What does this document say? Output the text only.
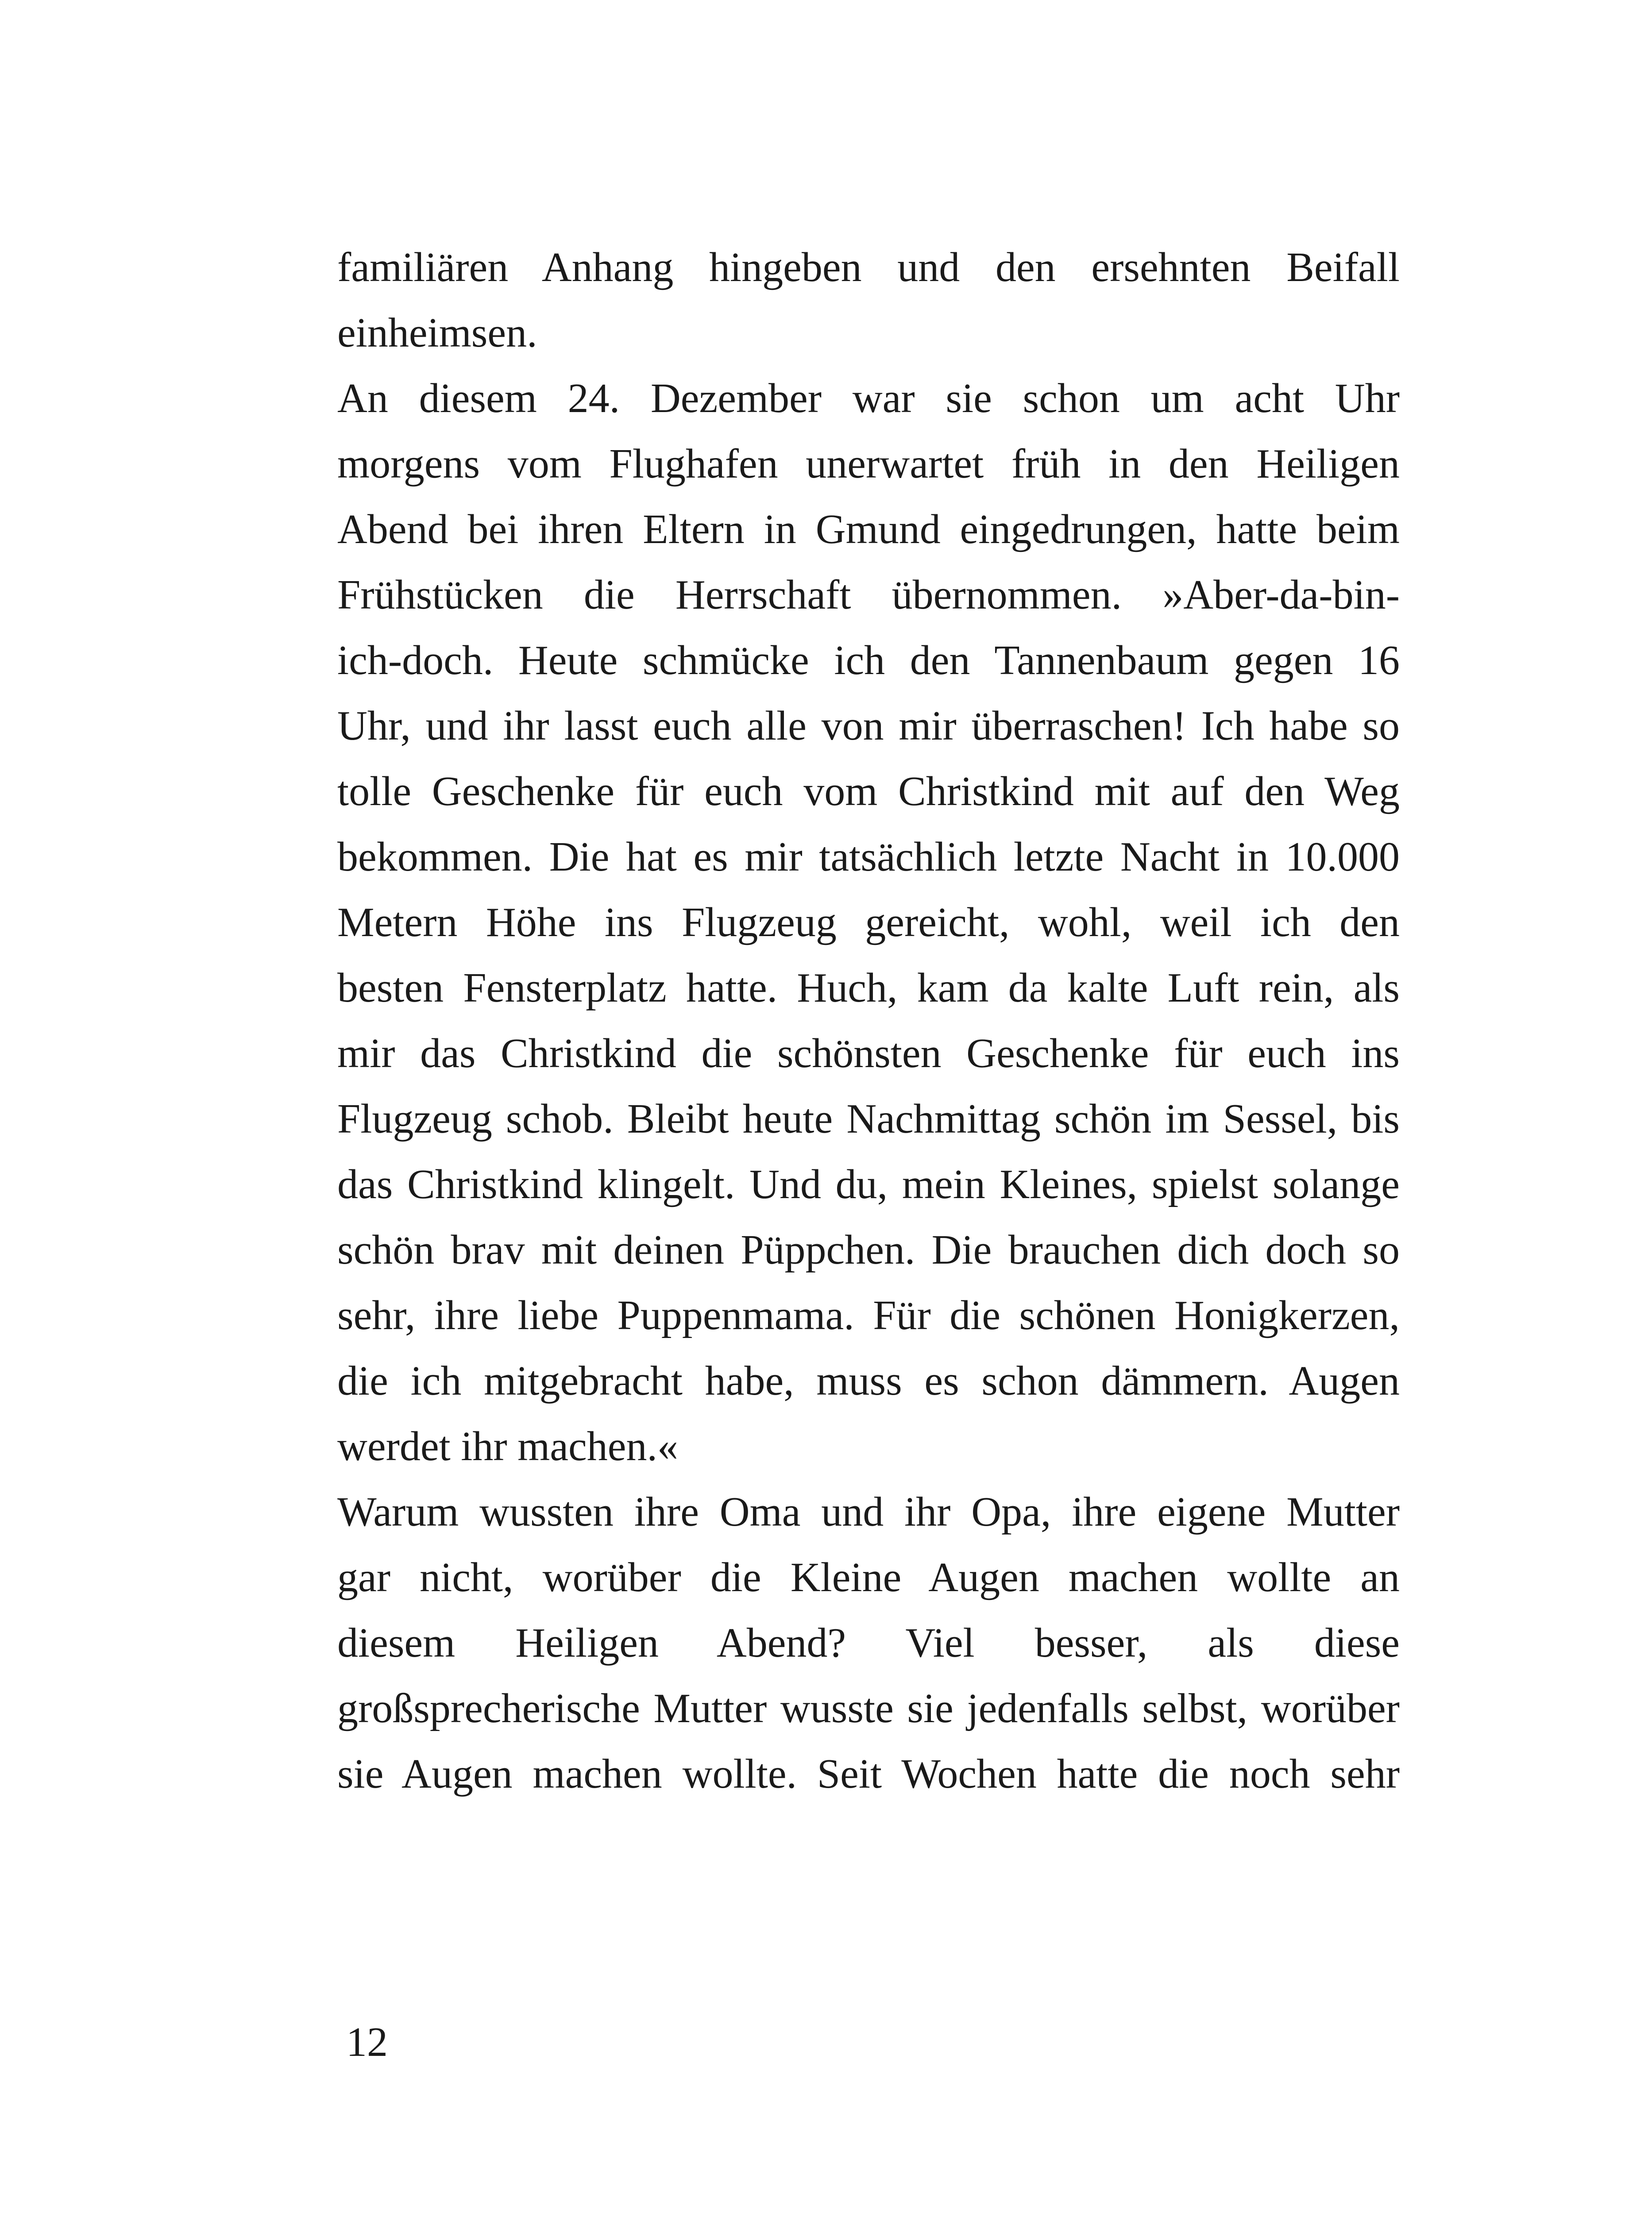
familiären Anhang hingeben und den ersehnten Beifall
einheimsen.
An diesem 24. Dezember war sie schon um acht Uhr
morgens vom Flughafen unerwartet früh in den Heiligen
Abend bei ihren Eltern in Gmund eingedrungen, hatte beim
Frühstücken die Herrschaft übernommen. »Aber-da-bin-
ich-doch. Heute schmücke ich den Tannenbaum gegen 16
Uhr, und ihr lasst euch alle von mir überraschen! Ich habe so
tolle Geschenke für euch vom Christkind mit auf den Weg
bekommen. Die hat es mir tatsächlich letzte Nacht in 10.000
Metern Höhe ins Flugzeug gereicht, wohl, weil ich den
besten Fensterplatz hatte. Huch, kam da kalte Luft rein, als
mir das Christkind die schönsten Geschenke für euch ins
Flugzeug schob. Bleibt heute Nachmittag schön im Sessel, bis
das Christkind klingelt. Und du, mein Kleines, spielst solange
schön brav mit deinen Püppchen. Die brauchen dich doch so
sehr, ihre liebe Puppenmama. Für die schönen Honigkerzen,
die ich mitgebracht habe, muss es schon dämmern. Augen
werdet ihr machen.«
Warum wussten ihre Oma und ihr Opa, ihre eigene Mutter
gar nicht, worüber die Kleine Augen machen wollte an
diesem Heiligen Abend? Viel besser, als diese
großsprecherische Mutter wusste sie jedenfalls selbst, worüber
sie Augen machen wollte. Seit Wochen hatte die noch sehr
12
